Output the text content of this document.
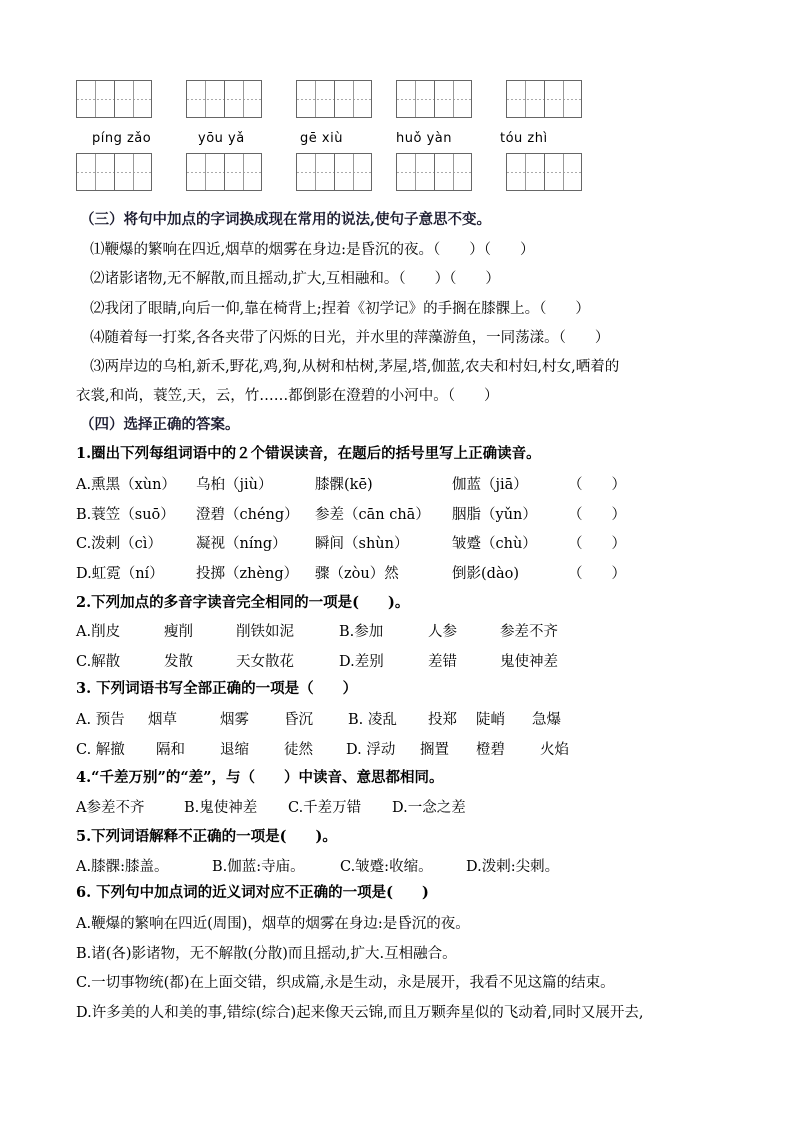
píng zǎo	yōu yǎ	gē xiù	huǒ yàn	tóu zhì
（三）将句中加点的字词换成现在常用的说法,使句子意思不变。
⑴鞭爆的繁响在四近,烟草的烟雾在身边:是昏沉的夜。（　　）（　　）
⑵诸影诸物,无不解散,而且摇动,扩大,互相融和。（　　）（　　）
⑵我闭了眼睛,向后一仰,靠在椅背上;捏着《初学记》的手搁在膝髁上。（　　）
⑷随着每一打桨,各各夹带了闪烁的日光，并水里的萍藻游鱼，一同荡漾。（　　）
⑶两岸边的乌桕,新禾,野花,鸡,狗,从树和枯树,茅屋,塔,伽蓝,农夫和村妇,村女,晒着的
衣裳,和尚，蓑笠,天，云，竹……都倒影在澄碧的小河中。（　　）
（四）选择正确的答案。
1.圈出下列每组词语中的２个错误读音，在题后的括号里写上正确读音。
A.熏黑（xùn） 乌桕（jiù）	膝髁(kē)	伽蓝（jiā）	（　　）
B.蓑笠（suō） 澄碧（chéng） 参差（cān chā） 胭脂（yǔn） （　　）
C.泼剌（cì） 凝视（níng） 瞬间（shùn）	皱蹙（chù） （　　）
D.虹霓（ní） 投掷（zhèng） 骤（zòu）然	倒影(dào)	（　　）
2.下列加点的多音字读音完全相同的一项是(　　)。
A.削皮	瘦削	削铁如泥	B.参加	人参	参差不齐
C.解散	发散	天女散花	D.差别	差错	鬼使神差
3. 下列词语书写全部正确的一项是（　　）
A. 预告 烟草	烟雾 昏沉 B. 凌乱 投郑 陡峭 急爆
C. 解撤 隔和 退缩 徒然 D. 浮动 搁置 橙碧 火焰
4.“千差万别”的“差”，与（　　）中读音、意思都相同。
A参差不齐	B.鬼使神差 C.千差万错 D.一念之差
5.下列词语解释不正确的一项是(　　)。
A.膝髁:膝盖。	B.伽蓝:寺庙。 C.皱蹙:收缩。 D.泼剌:尖刺。
6. 下列句中加点词的近义词对应不正确的一项是(　　)
A.鞭爆的繁响在四近(周围)，烟草的烟雾在身边:是昏沉的夜。
B.诸(各)影诸物，无不解散(分散)而且摇动,扩大.互相融合。
C.一切事物统(都)在上面交错，织成篇,永是生动，永是展开，我看不见这篇的结束。
D.许多美的人和美的事,错综(综合)起来像天云锦,而且万颗奔星似的飞动着,同时又展开去,
